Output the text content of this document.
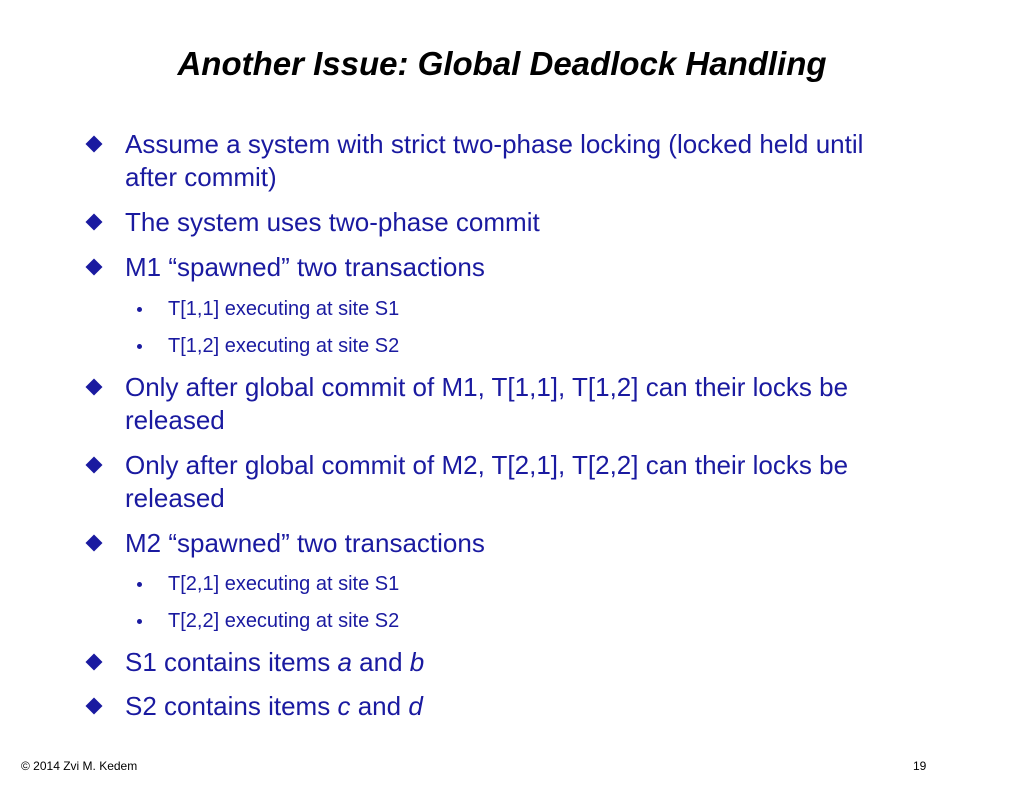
Another Issue: Global Deadlock Handling
Assume a system with strict two-phase locking (locked held until after commit)
The system uses two-phase commit
M1 “spawned” two transactions
T[1,1] executing at site S1
T[1,2] executing at site S2
Only after global commit of M1, T[1,1], T[1,2] can their locks be released
Only after global commit of M2, T[2,1], T[2,2] can their locks be released
M2 “spawned” two transactions
T[2,1] executing at site S1
T[2,2] executing at site S2
S1 contains items a and b
S2 contains items c and d
© 2014 Zvi M. Kedem	19
